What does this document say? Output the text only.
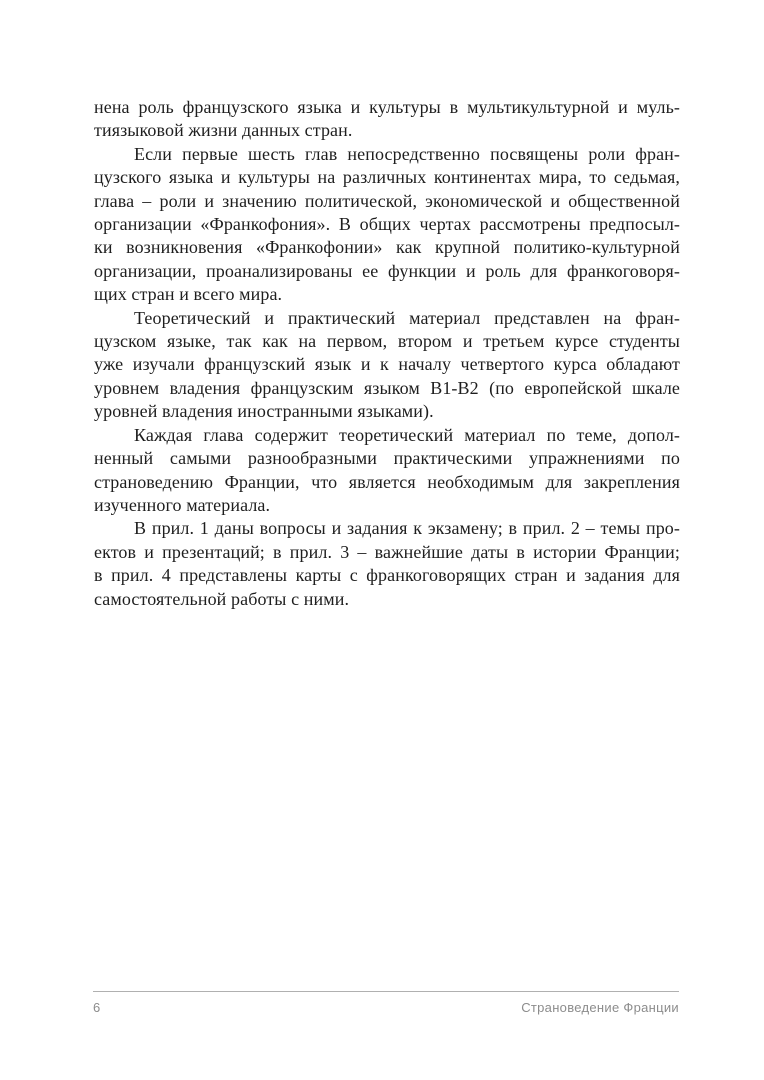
нена роль французского языка и культуры в мультикультурной и муль-
тиязыковой жизни данных стран.
Если первые шесть глав непосредственно посвящены роли фран-
цузского языка и культуры на различных континентах мира, то седьмая,
глава – роли и значению политической, экономической и общественной
организации «Франкофония». В общих чертах рассмотрены предпосыл-
ки возникновения «Франкофонии» как крупной политико-культурной
организации, проанализированы ее функции и роль для франкоговоря-
щих стран и всего мира.
Теоретический и практический материал представлен на фран-
цузском языке, так как на первом, втором и третьем курсе студенты
уже изучали французский язык и к началу четвертого курса обладают
уровнем владения французским языком В1-В2 (по европейской шкале
уровней владения иностранными языками).
Каждая глава содержит теоретический материал по теме, допол-
ненный самыми разнообразными практическими упражнениями по
страноведению Франции, что является необходимым для закрепления
изученного материала.
В прил. 1 даны вопросы и задания к экзамену; в прил. 2 – темы про-
ектов и презентаций; в прил. 3 – важнейшие даты в истории Франции;
в прил. 4 представлены карты с франкоговорящих стран и задания для
самостоятельной работы с ними.
6	Страноведение Франции
